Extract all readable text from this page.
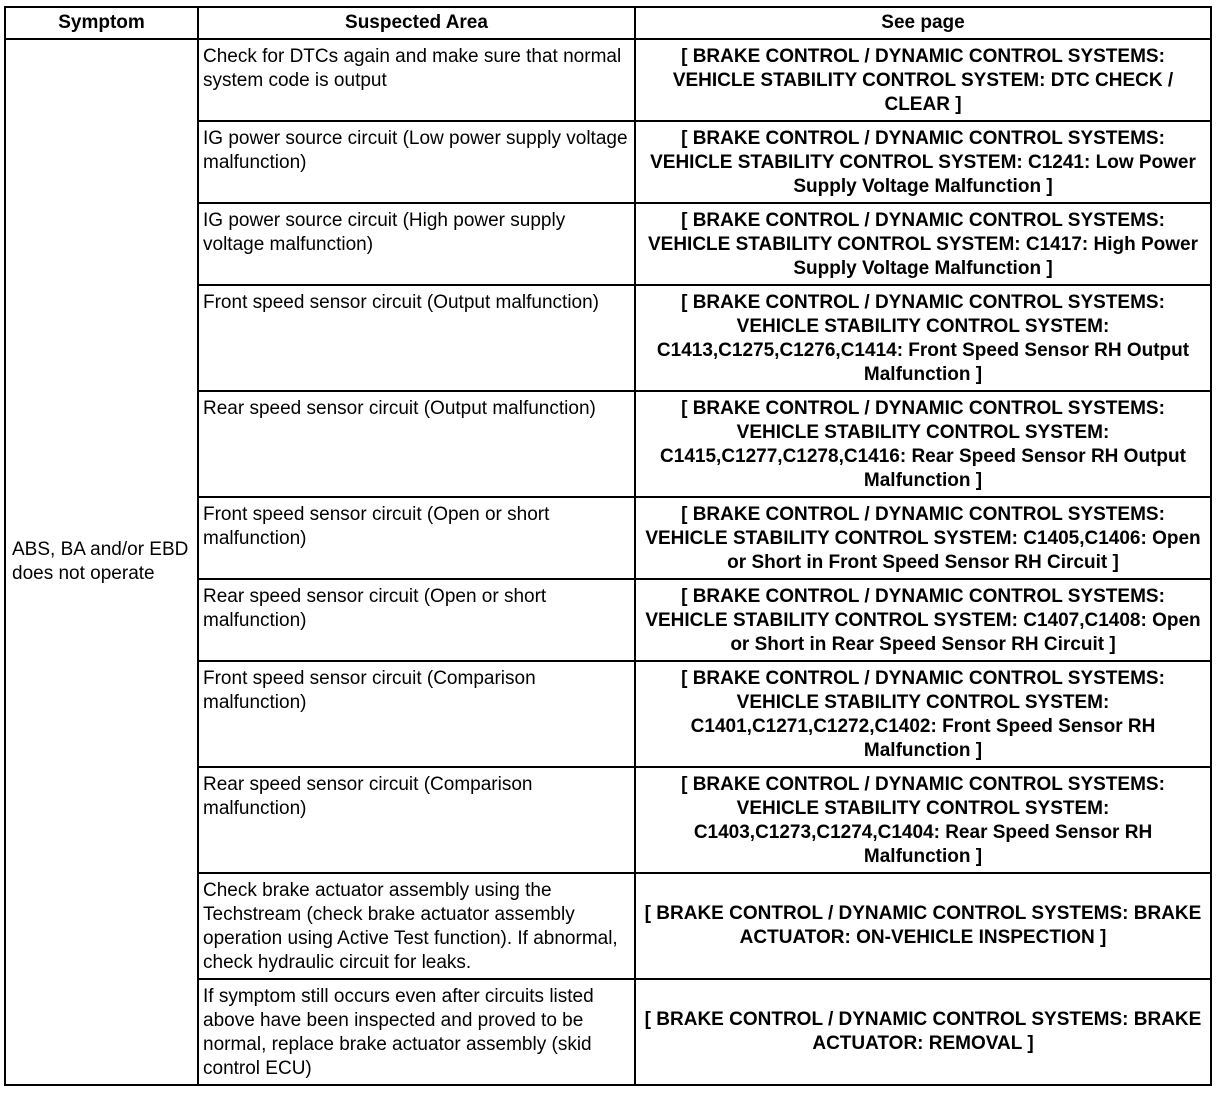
Symptom	Suspected Area	See page
ABS, BA and/or EBD does not operate	Check for DTCs again and make sure that normal system code is output	[ BRAKE CONTROL / DYNAMIC CONTROL SYSTEMS: VEHICLE STABILITY CONTROL SYSTEM: DTC CHECK / CLEAR ]
	IG power source circuit (Low power supply voltage malfunction)	[ BRAKE CONTROL / DYNAMIC CONTROL SYSTEMS: VEHICLE STABILITY CONTROL SYSTEM: C1241: Low Power Supply Voltage Malfunction ]
	IG power source circuit (High power supply voltage malfunction)	[ BRAKE CONTROL / DYNAMIC CONTROL SYSTEMS: VEHICLE STABILITY CONTROL SYSTEM: C1417: High Power Supply Voltage Malfunction ]
	Front speed sensor circuit (Output malfunction)	[ BRAKE CONTROL / DYNAMIC CONTROL SYSTEMS: VEHICLE STABILITY CONTROL SYSTEM: C1413,C1275,C1276,C1414: Front Speed Sensor RH Output Malfunction ]
	Rear speed sensor circuit (Output malfunction)	[ BRAKE CONTROL / DYNAMIC CONTROL SYSTEMS: VEHICLE STABILITY CONTROL SYSTEM: C1415,C1277,C1278,C1416: Rear Speed Sensor RH Output Malfunction ]
	Front speed sensor circuit (Open or short malfunction)	[ BRAKE CONTROL / DYNAMIC CONTROL SYSTEMS: VEHICLE STABILITY CONTROL SYSTEM: C1405,C1406: Open or Short in Front Speed Sensor RH Circuit ]
	Rear speed sensor circuit (Open or short malfunction)	[ BRAKE CONTROL / DYNAMIC CONTROL SYSTEMS: VEHICLE STABILITY CONTROL SYSTEM: C1407,C1408: Open or Short in Rear Speed Sensor RH Circuit ]
	Front speed sensor circuit (Comparison malfunction)	[ BRAKE CONTROL / DYNAMIC CONTROL SYSTEMS: VEHICLE STABILITY CONTROL SYSTEM: C1401,C1271,C1272,C1402: Front Speed Sensor RH Malfunction ]
	Rear speed sensor circuit (Comparison malfunction)	[ BRAKE CONTROL / DYNAMIC CONTROL SYSTEMS: VEHICLE STABILITY CONTROL SYSTEM: C1403,C1273,C1274,C1404: Rear Speed Sensor RH Malfunction ]
	Check brake actuator assembly using the Techstream (check brake actuator assembly operation using Active Test function). If abnormal, check hydraulic circuit for leaks.	[ BRAKE CONTROL / DYNAMIC CONTROL SYSTEMS: BRAKE ACTUATOR: ON-VEHICLE INSPECTION ]
	If symptom still occurs even after circuits listed above have been inspected and proved to be normal, replace brake actuator assembly (skid control ECU)	[ BRAKE CONTROL / DYNAMIC CONTROL SYSTEMS: BRAKE ACTUATOR: REMOVAL ]
